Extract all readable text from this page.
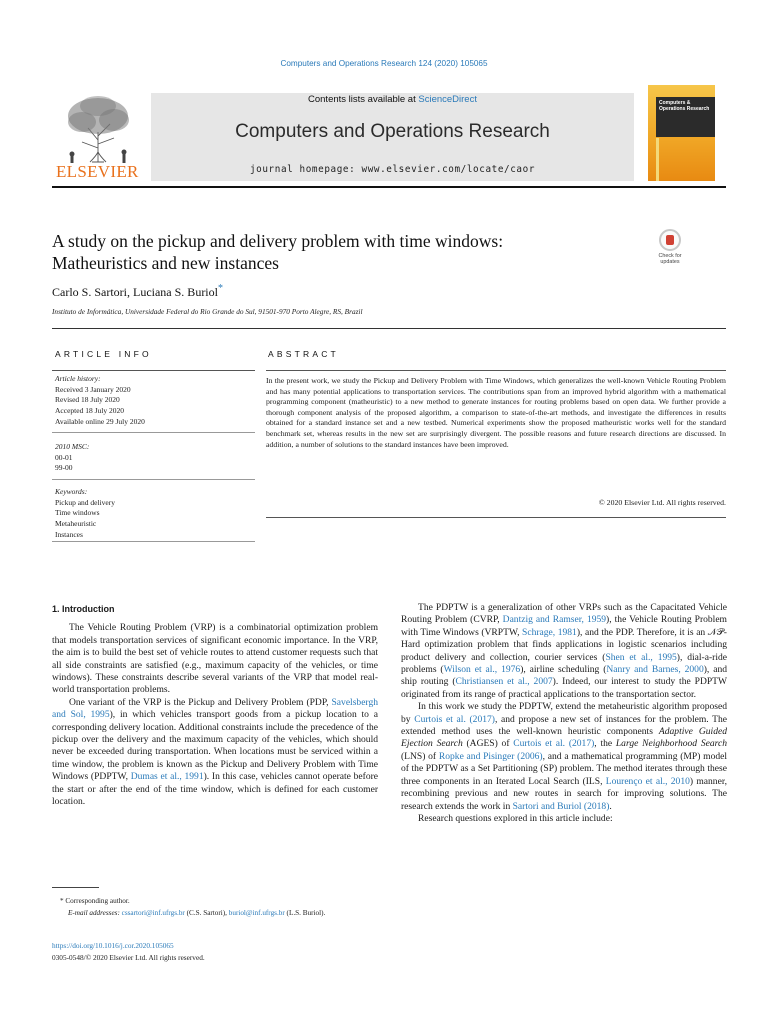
Computers and Operations Research 124 (2020) 105065
ELSEVIER
Contents lists available at ScienceDirect
Computers and Operations Research
journal homepage: www.elsevier.com/locate/caor
Computers & Operations Research
A study on the pickup and delivery problem with time windows:
Matheuristics and new instances	Check for updates
Carlo S. Sartori, Luciana S. Buriol*
Instituto de Informática, Universidade Federal do Rio Grande do Sul, 91501-970 Porto Alegre, RS, Brazil
ARTICLE INFO
Article history:
Received 3 January 2020
Revised 18 July 2020
Accepted 18 July 2020
Available online 29 July 2020
2010 MSC:
00-01
99-00
Keywords:
Pickup and delivery
Time windows
Metaheuristic
Instances
ABSTRACT
In the present work, we study the Pickup and Delivery Problem with Time Windows, which generalizes the well-known Vehicle Routing Problem and has many potential applications to transportation services. The contributions span from an improved hybrid algorithm with a mathematical programming component (matheuristic) to a new method to generate instances for routing problems based on open data. We further provide a thorough component analysis of the proposed algorithm, a comparison to state-of-the-art methods, and investigate the differences in results obtained for a standard instance set and a new testbed. Numerical experiments show the proposed matheuristic works well for the standard benchmark set, whereas results in the new set are surprisingly divergent. The possible reasons and future research directions are discussed. In addition, a number of solutions to the standard instances have been improved.
© 2020 Elsevier Ltd. All rights reserved.
1. Introduction

The Vehicle Routing Problem (VRP) is a combinatorial optimization problem that models transportation services of significant economic importance. In the VRP, the aim is to build the best set of vehicle routes to attend customer requests such that all side constraints are satisfied (e.g., maximum capacity of the vehicles, or time windows). These constraints describe several variants of the VRP that model real-world transportation problems.

One variant of the VRP is the Pickup and Delivery Problem (PDP, Savelsbergh and Sol, 1995), in which vehicles transport goods from a pickup location to a corresponding delivery location. Additional constraints include the precedence of the pickup over the delivery and the maximum capacity of the vehicles, which should never be exceeded during transportation. When locations must be serviced within a time window, the problem is known as the Pickup and Delivery Problem with Time Windows (PDPTW, Dumas et al., 1991). In this case, vehicles cannot operate before the start or after the end of the time window, which is defined for each customer location.

The PDPTW is a generalization of other VRPs such as the Capacitated Vehicle Routing Problem (CVRP, Dantzig and Ramser, 1959), the Vehicle Routing Problem with Time Windows (VRPTW, Schrage, 1981), and the PDP. Therefore, it is an 𝒩𝒫-Hard optimization problem that finds applications in logistic scenarios including product delivery and collection, courier services (Shen et al., 1995), dial-a-ride problems (Wilson et al., 1976), airline scheduling (Nanry and Barnes, 2000), and ship routing (Christiansen et al., 2007). Indeed, our interest to study the PDPTW originated from its range of practical applications to the transportation sector.

In this work we study the PDPTW, extend the metaheuristic algorithm proposed by Curtois et al. (2017), and propose a new set of instances for the problem. The extended method uses the well-known heuristic components Adaptive Guided Ejection Search (AGES) of Curtois et al. (2017), the Large Neighborhood Search (LNS) of Ropke and Pisinger (2006), and a mathematical programming (MP) model of the PDPTW as a Set Partitioning (SP) problem. The method iterates through these three components in an Iterated Local Search (ILS, Lourenço et al., 2010) manner, recombining previous and new routes in search for improving solutions. The research extends the work in Sartori and Buriol (2018).

Research questions explored in this article include:

* Corresponding author.
E-mail addresses: cssartori@inf.ufrgs.br (C.S. Sartori), buriol@inf.ufrgs.br (L.S. Buriol).
https://doi.org/10.1016/j.cor.2020.105065
0305-0548/© 2020 Elsevier Ltd. All rights reserved.
